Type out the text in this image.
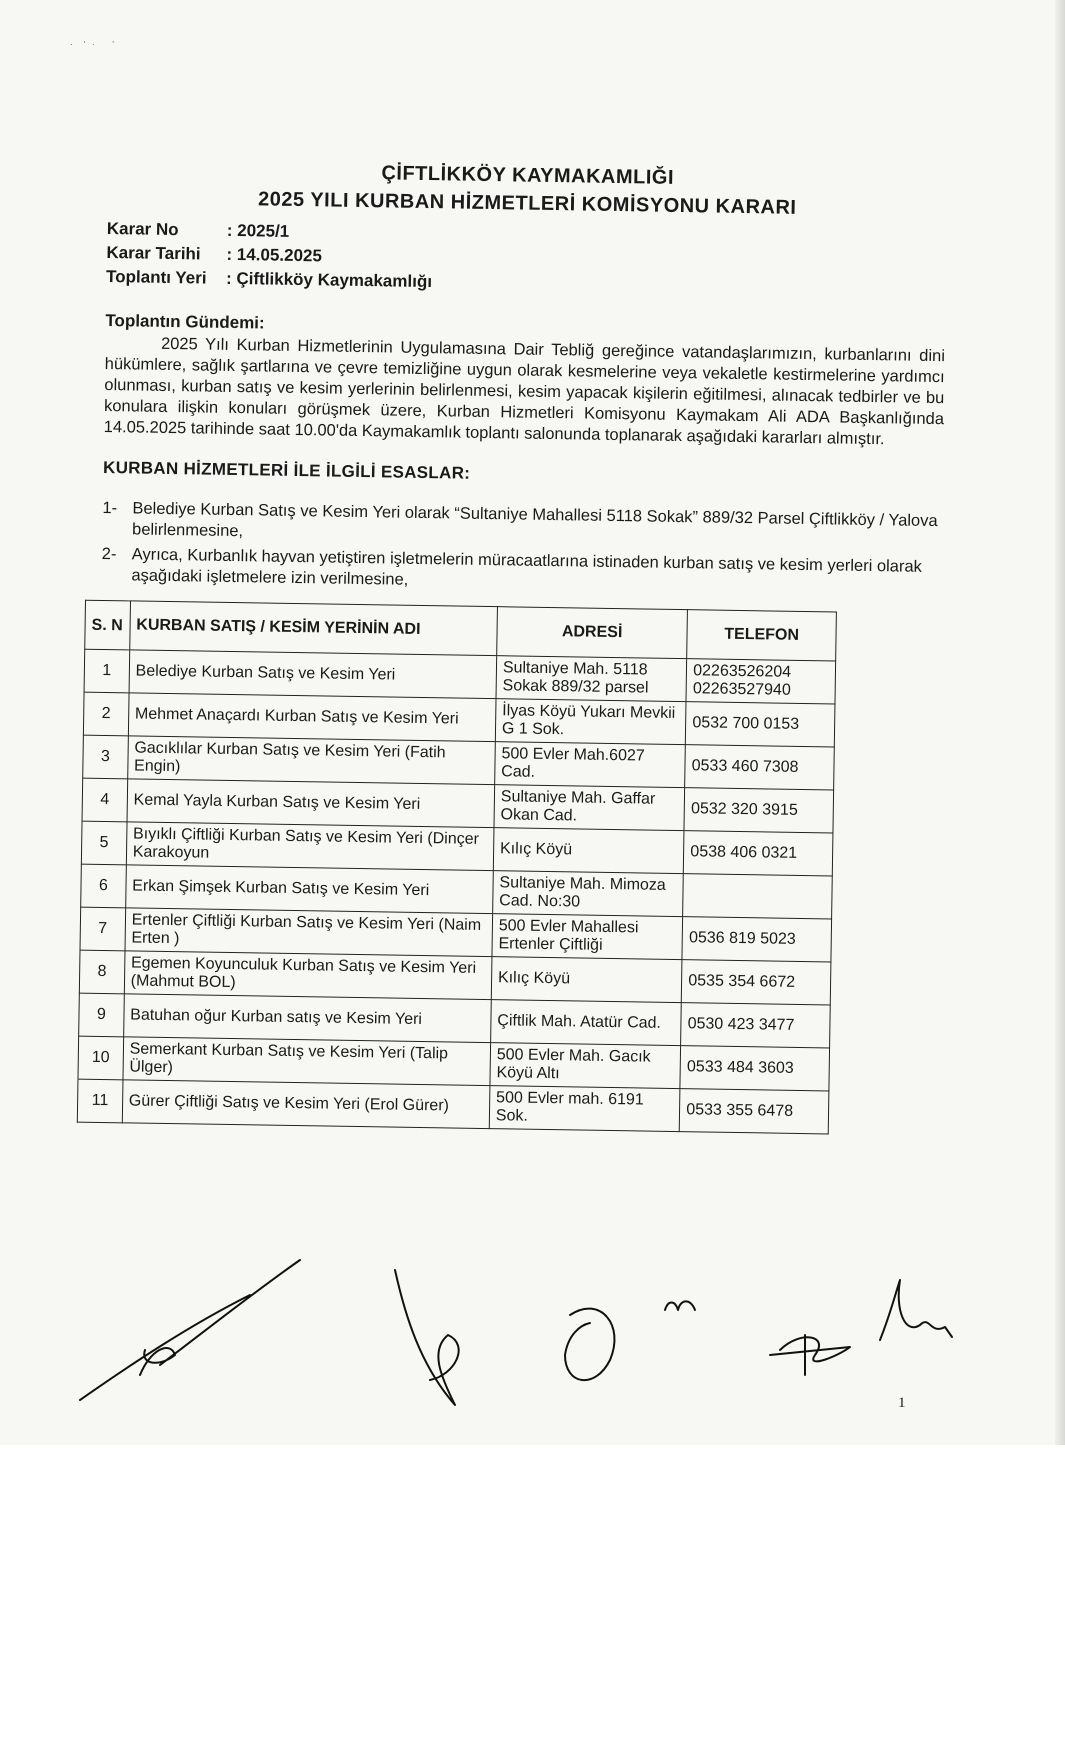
·     '   ·        '
ÇİFTLİKKÖY KAYMAKAMLIĞI
2025 YILI KURBAN HİZMETLERİ KOMİSYONU KARARI
Karar No	: 2025/1
Karar Tarihi	: 14.05.2025
Toplantı Yeri	: Çiftlikköy Kaymakamlığı
Toplantın Gündemi:
2025 Yılı Kurban Hizmetlerinin Uygulamasına Dair Tebliğ gereğince vatandaşlarımızın, kurbanlarını dini hükümlere, sağlık şartlarına ve çevre temizliğine uygun olarak kesmelerine veya vekaletle kestirmelerine yardımcı olunması, kurban satış ve kesim yerlerinin belirlenmesi, kesim yapacak kişilerin eğitilmesi, alınacak tedbirler ve bu konulara ilişkin konuları görüşmek üzere, Kurban Hizmetleri Komisyonu Kaymakam Ali ADA Başkanlığında 14.05.2025 tarihinde saat 10.00'da Kaymakamlık toplantı salonunda toplanarak aşağıdaki kararları almıştır.
KURBAN HİZMETLERİ İLE İLGİLİ ESASLAR:
1- Belediye Kurban Satış ve Kesim Yeri olarak “Sultaniye Mahallesi 5118 Sokak” 889/32 Parsel Çiftlikköy / Yalova belirlenmesine,
2- Ayrıca, Kurbanlık hayvan yetiştiren işletmelerin müracaatlarına istinaden kurban satış ve kesim yerleri olarak aşağıdaki işletmelere izin verilmesine,
S. N	KURBAN SATIŞ / KESİM YERİNİN ADI	ADRESİ	TELEFON
1	Belediye Kurban Satış ve Kesim Yeri	Sultaniye Mah. 5118 Sokak 889/32 parsel	02263526204
02263527940
2	Mehmet Anaçardı Kurban Satış ve Kesim Yeri	İlyas Köyü Yukarı Mevkii G 1 Sok.	0532 700 0153
3	Gacıklılar Kurban Satış ve Kesim Yeri (Fatih Engin)	500 Evler Mah.6027 Cad.	0533 460 7308
4	Kemal Yayla Kurban Satış ve Kesim Yeri	Sultaniye Mah. Gaffar Okan Cad.	0532 320 3915
5	Bıyıklı Çiftliği Kurban Satış ve Kesim Yeri (Dinçer Karakoyun	Kılıç Köyü	0538 406 0321
6	Erkan Şimşek Kurban Satış ve Kesim Yeri	Sultaniye Mah. Mimoza Cad. No:30	
7	Ertenler Çiftliği Kurban Satış ve Kesim Yeri (Naim Erten )	500 Evler Mahallesi Ertenler Çiftliği	0536 819 5023
8	Egemen Koyunculuk Kurban Satış ve Kesim Yeri (Mahmut BOL)	Kılıç Köyü	0535 354 6672
9	Batuhan oğur Kurban satış ve Kesim Yeri	Çiftlik Mah. Atatür Cad.	0530 423 3477
10	Semerkant Kurban Satış ve Kesim Yeri (Talip Ülger)	500 Evler Mah. Gacık Köyü Altı	0533 484 3603
11	Gürer Çiftliği Satış ve Kesim Yeri (Erol Gürer)	500 Evler mah. 6191 Sok.	0533 355 6478
1
